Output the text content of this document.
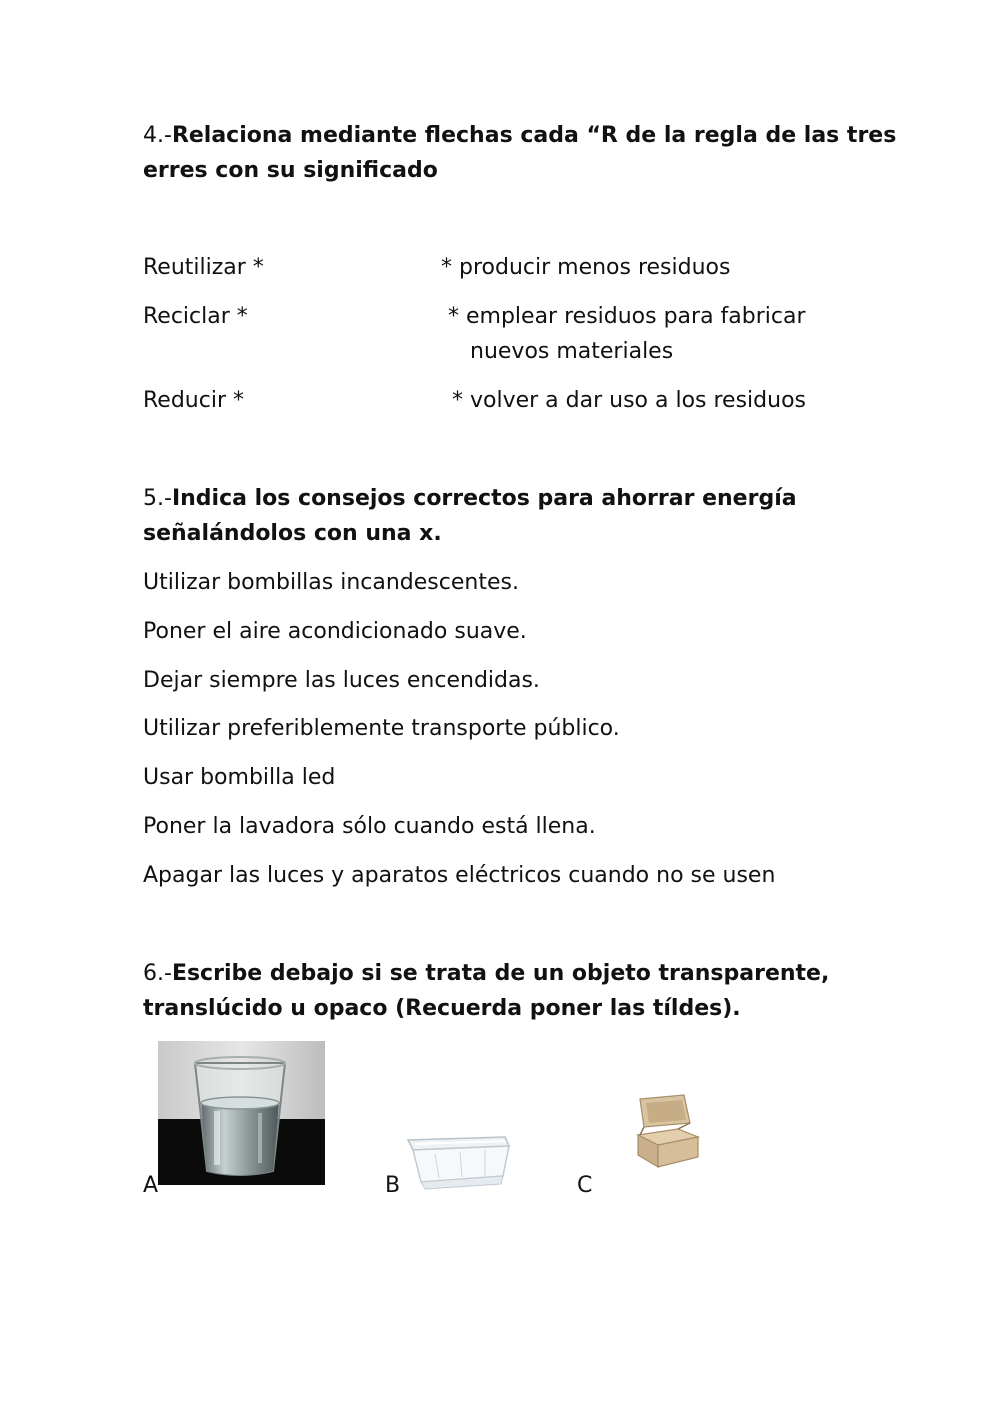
4.-Relaciona mediante flechas cada “R de la regla de las tres
erres con su significado
Reutilizar *
Reciclar *
Reducir *
* producir menos residuos
* emplear residuos para fabricar
nuevos materiales
* volver a dar uso a los residuos
5.-Indica los consejos correctos para ahorrar energía
señalándolos con una x.
Utilizar bombillas incandescentes.
Poner el aire acondicionado suave.
Dejar siempre las luces encendidas.
Utilizar preferiblemente transporte público.
Usar bombilla led
Poner la lavadora sólo cuando está llena.
Apagar las luces y aparatos eléctricos cuando no se usen
6.-Escribe debajo si se trata de un objeto transparente,
translúcido u opaco (Recuerda poner las tíldes).
A	B	C
